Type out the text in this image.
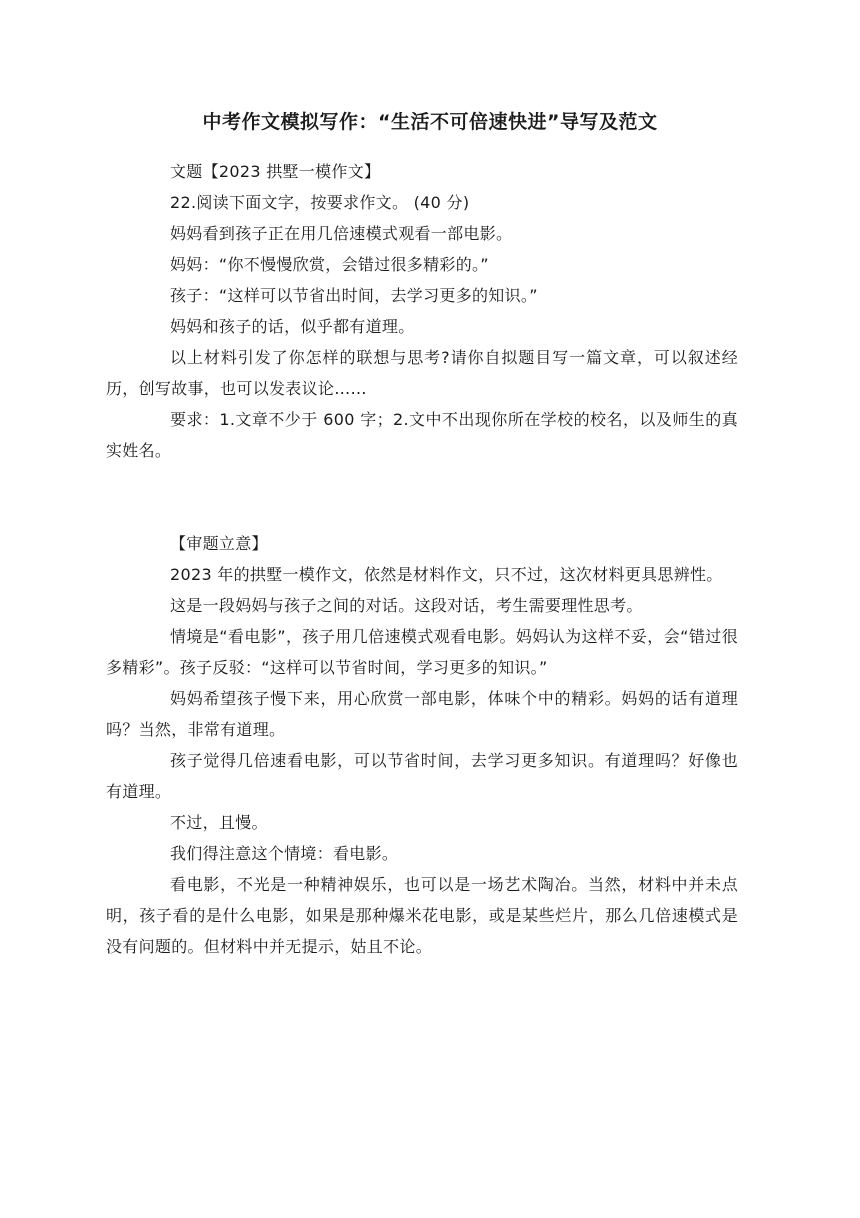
中考作文模拟写作：“生活不可倍速快进”导写及范文

文题【2023 拱墅一模作文】

22.阅读下面文字，按要求作文。 (40 分)

妈妈看到孩子正在用几倍速模式观看一部电影。

妈妈：“你不慢慢欣赏，会错过很多精彩的。”

孩子：“这样可以节省出时间，去学习更多的知识。”

妈妈和孩子的话，似乎都有道理。

以上材料引发了你怎样的联想与思考?请你自拟题目写一篇文章，可以叙述经历，创写故事，也可以发表议论……

要求：1.文章不少于 600 字；2.文中不出现你所在学校的校名，以及师生的真实姓名。

【审题立意】

2023 年的拱墅一模作文，依然是材料作文，只不过，这次材料更具思辨性。

这是一段妈妈与孩子之间的对话。这段对话，考生需要理性思考。

情境是“看电影”，孩子用几倍速模式观看电影。妈妈认为这样不妥，会“错过很多精彩”。孩子反驳：“这样可以节省时间，学习更多的知识。”

妈妈希望孩子慢下来，用心欣赏一部电影，体味个中的精彩。妈妈的话有道理吗？当然，非常有道理。

孩子觉得几倍速看电影，可以节省时间，去学习更多知识。有道理吗？好像也有道理。

不过，且慢。

我们得注意这个情境：看电影。

看电影，不光是一种精神娱乐，也可以是一场艺术陶冶。当然，材料中并未点明，孩子看的是什么电影，如果是那种爆米花电影，或是某些烂片，那么几倍速模式是没有问题的。但材料中并无提示，姑且不论。
